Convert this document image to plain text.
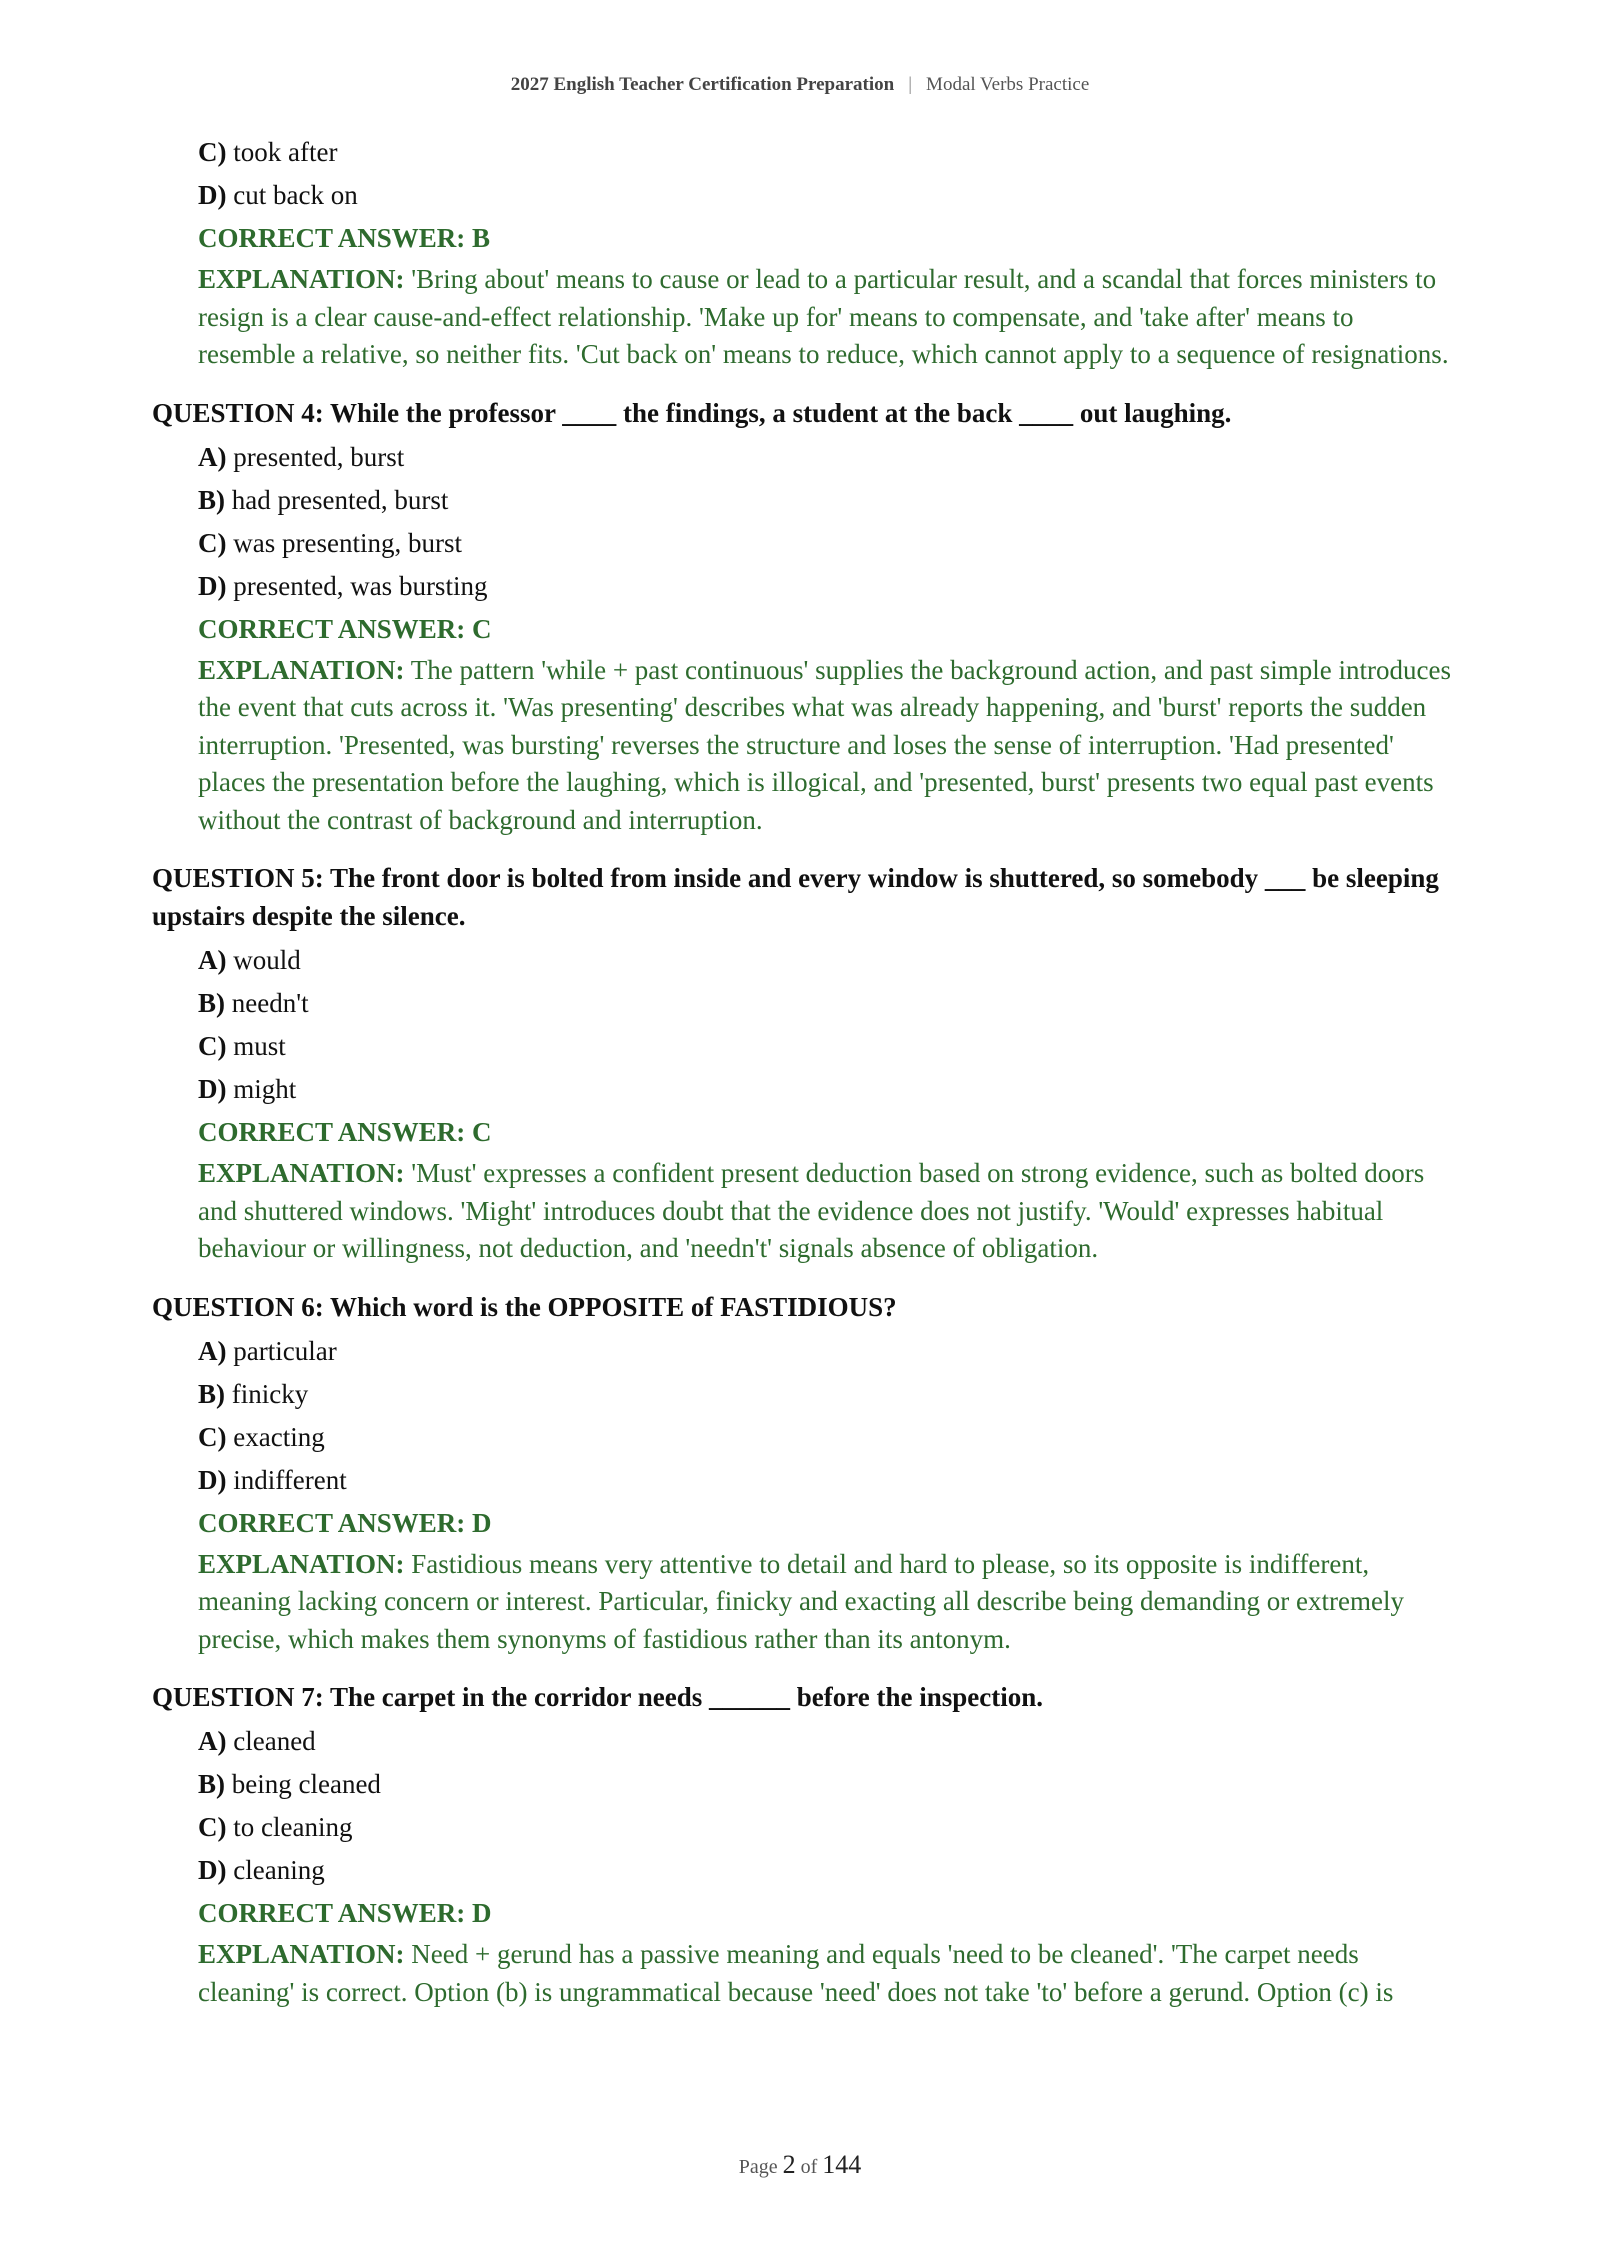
2027 English Teacher Certification Preparation | Modal Verbs Practice
C) took after
D) cut back on
CORRECT ANSWER: B
EXPLANATION: 'Bring about' means to cause or lead to a particular result, and a scandal that forces ministers to resign is a clear cause-and-effect relationship. 'Make up for' means to compensate, and 'take after' means to resemble a relative, so neither fits. 'Cut back on' means to reduce, which cannot apply to a sequence of resignations.
QUESTION 4: While the professor ____ the findings, a student at the back ____ out laughing.
A) presented, burst
B) had presented, burst
C) was presenting, burst
D) presented, was bursting
CORRECT ANSWER: C
EXPLANATION: The pattern 'while + past continuous' supplies the background action, and past simple introduces the event that cuts across it. 'Was presenting' describes what was already happening, and 'burst' reports the sudden interruption. 'Presented, was bursting' reverses the structure and loses the sense of interruption. 'Had presented' places the presentation before the laughing, which is illogical, and 'presented, burst' presents two equal past events without the contrast of background and interruption.
QUESTION 5: The front door is bolted from inside and every window is shuttered, so somebody ___ be sleeping upstairs despite the silence.
A) would
B) needn't
C) must
D) might
CORRECT ANSWER: C
EXPLANATION: 'Must' expresses a confident present deduction based on strong evidence, such as bolted doors and shuttered windows. 'Might' introduces doubt that the evidence does not justify. 'Would' expresses habitual behaviour or willingness, not deduction, and 'needn't' signals absence of obligation.
QUESTION 6: Which word is the OPPOSITE of FASTIDIOUS?
A) particular
B) finicky
C) exacting
D) indifferent
CORRECT ANSWER: D
EXPLANATION: Fastidious means very attentive to detail and hard to please, so its opposite is indifferent, meaning lacking concern or interest. Particular, finicky and exacting all describe being demanding or extremely precise, which makes them synonyms of fastidious rather than its antonym.
QUESTION 7: The carpet in the corridor needs ______ before the inspection.
A) cleaned
B) being cleaned
C) to cleaning
D) cleaning
CORRECT ANSWER: D
EXPLANATION: Need + gerund has a passive meaning and equals 'need to be cleaned'. 'The carpet needs cleaning' is correct. Option (b) is ungrammatical because 'need' does not take 'to' before a gerund. Option (c) is
Page 2 of 144
